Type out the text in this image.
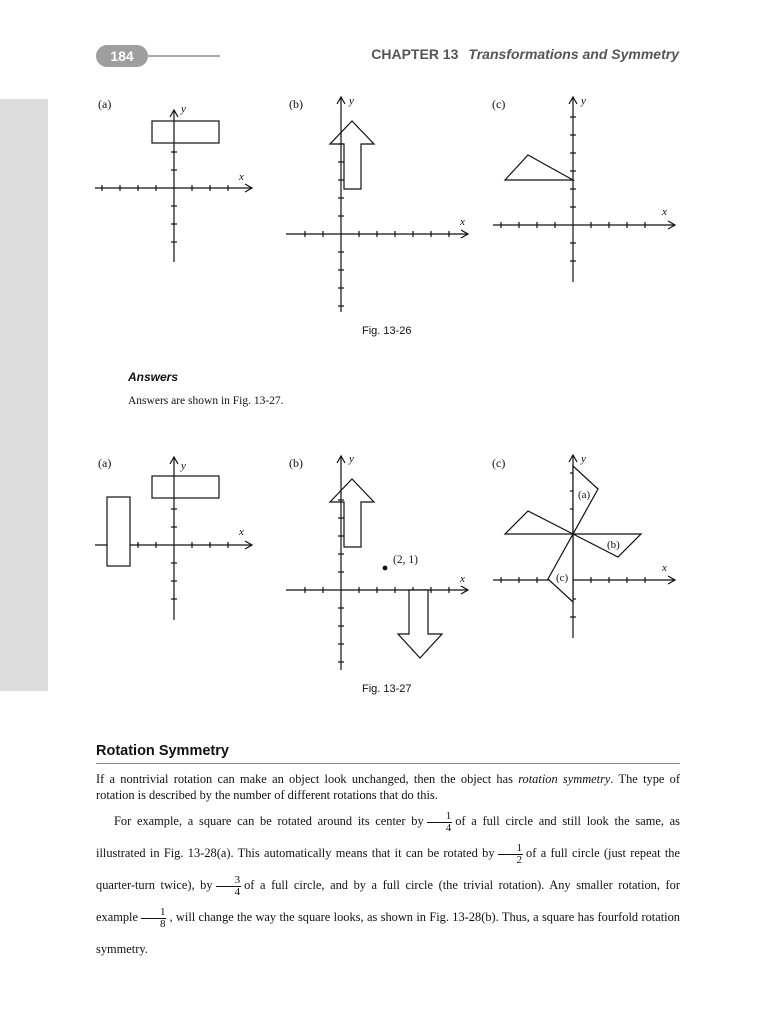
184	CHAPTER 13 Transformations and Symmetry
(a)
x
y	(b)
x
y	(c)
x
y
Fig. 13-26
Answers
Answers are shown in Fig. 13-27.
(a)
x
y	(b)
(2, 1)
x
y	(c)
(a)
(b)
(c)
x
y
Fig. 13-27
Rotation Symmetry

If a nontrivial rotation can make an object look unchanged, then the object has rotation symmetry. The type of rotation is described by the number of different rotations that do this.

For example, a square can be rotated around its center by $\frac{1}{4}$ of a full circle and still look the same, as illustrated in Fig. 13-28(a). This automatically means that it can be rotated by $\frac{1}{2}$ of a full circle (just repeat the quarter-turn twice), by $\frac{3}{4}$ of a full circle, and by a full circle (the trivial rotation). Any smaller rotation, for example $\frac{1}{8}$ , will change the way the square looks, as shown in Fig. 13-28(b). Thus, a square has fourfold rotation symmetry.
